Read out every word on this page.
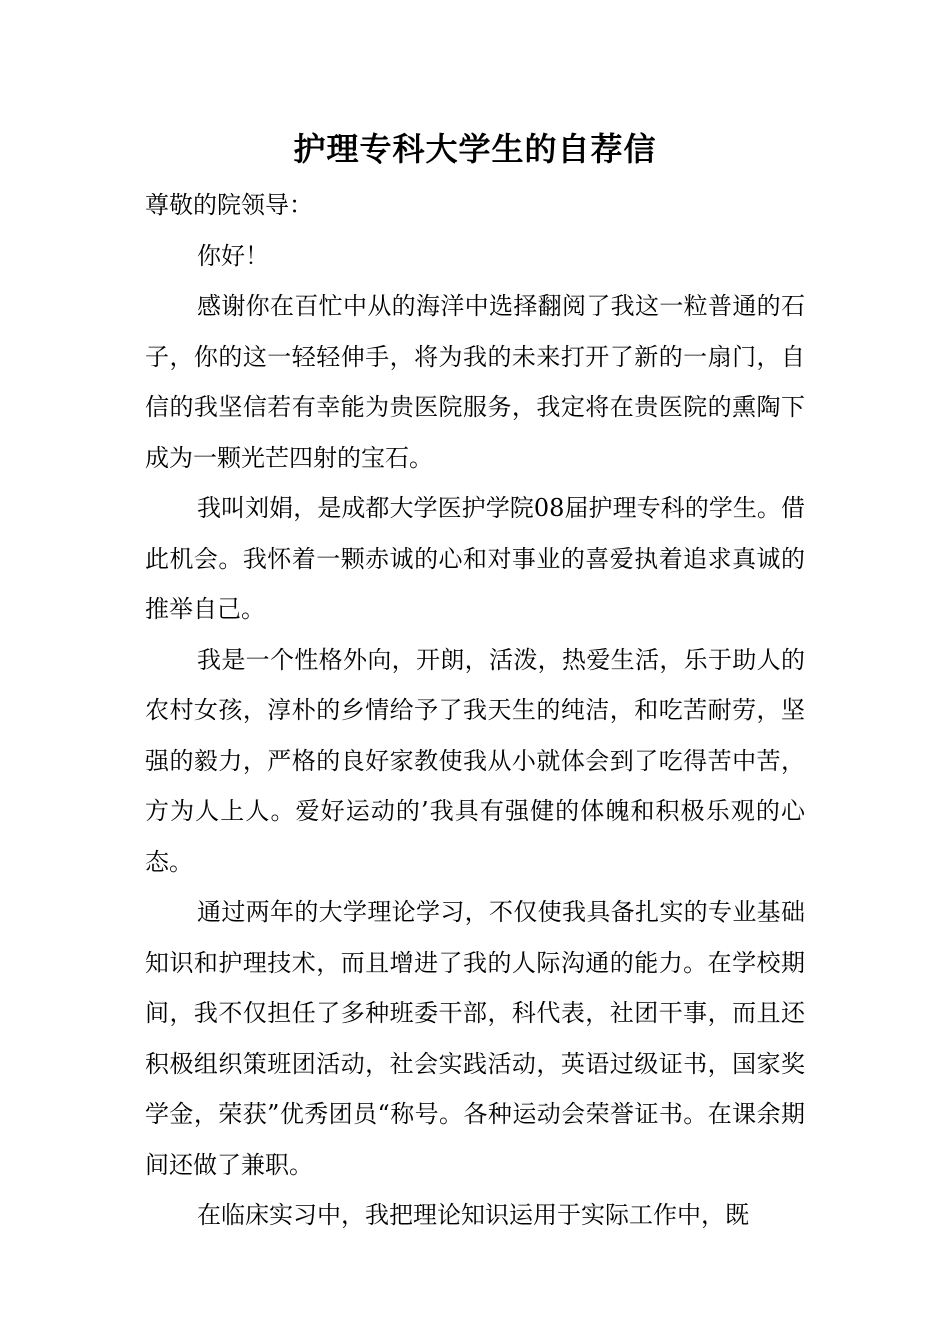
护理专科大学生的自荐信

尊敬的院领导：

你好！

感谢你在百忙中从的海洋中选择翻阅了我这一粒普通的石子，你的这一轻轻伸手，将为我的未来打开了新的一扇门，自信的我坚信若有幸能为贵医院服务，我定将在贵医院的熏陶下成为一颗光芒四射的宝石。

我叫刘娟，是成都大学医护学院08届护理专科的学生。借此机会。我怀着一颗赤诚的心和对事业的喜爱执着追求真诚的推举自己。

我是一个性格外向，开朗，活泼，热爱生活，乐于助人的农村女孩，淳朴的乡情给予了我天生的纯洁，和吃苦耐劳，坚强的毅力，严格的良好家教使我从小就体会到了吃得苦中苦，方为人上人。爱好运动的’我具有强健的体魄和积极乐观的心态。

通过两年的大学理论学习，不仅使我具备扎实的专业基础知识和护理技术，而且增进了我的人际沟通的能力。在学校期间，我不仅担任了多种班委干部，科代表，社团干事，而且还积极组织策班团活动，社会实践活动，英语过级证书，国家奖学金，荣获”优秀团员“称号。各种运动会荣誉证书。在课余期间还做了兼职。

在临床实习中，我把理论知识运用于实际工作中，既
